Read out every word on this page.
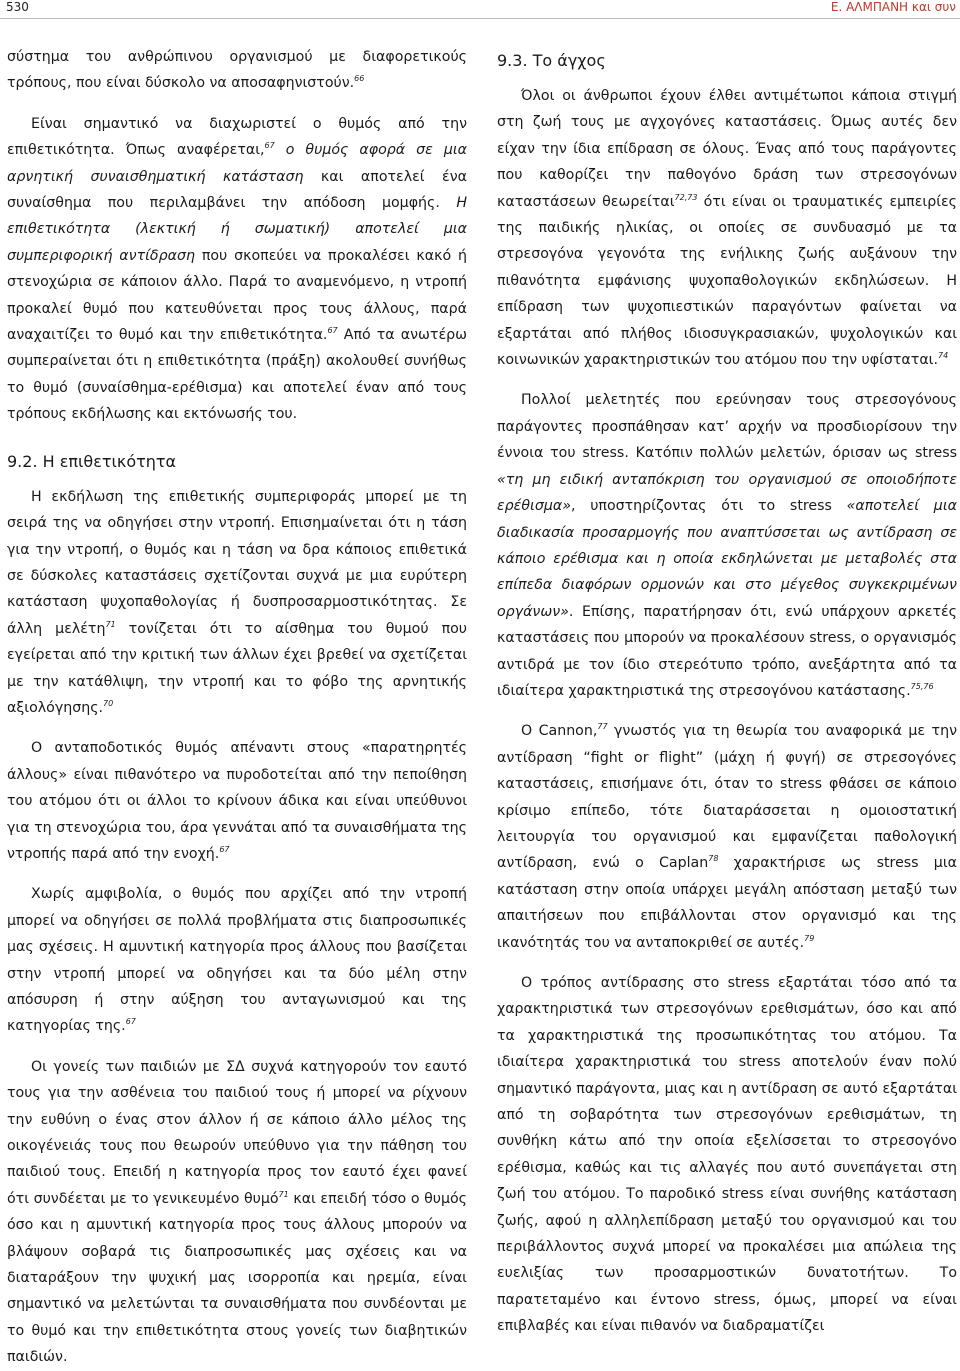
530	Ε. ΑΛΜΠΑΝΗ και συν

σύστημα του ανθρώπινου οργανισμού με διαφορετικούς τρόπους, που είναι δύσκολο να αποσαφηνιστούν.$^{66}$

Είναι σημαντικό να διαχωριστεί ο θυμός από την επιθετικότητα. Όπως αναφέρεται,$^{67}$ ο θυμός αφορά σε μια αρνητική συναισθηματική κατάσταση και αποτελεί ένα συναίσθημα που περιλαμβάνει την απόδοση μομφής. Η επιθετικότητα (λεκτική ή σωματική) αποτελεί μια συμπεριφορική αντίδραση που σκοπεύει να προκαλέσει κακό ή στενοχώρια σε κάποιον άλλο. Παρά το αναμενόμενο, η ντροπή προκαλεί θυμό που κατευθύνεται προς τους άλλους, παρά αναχαιτίζει το θυμό και την επιθετικότητα.$^{67}$ Από τα ανωτέρω συμπεραίνεται ότι η επιθετικότητα (πράξη) ακολουθεί συνήθως το θυμό (συναίσθημα-ερέθισμα) και αποτελεί έναν από τους τρόπους εκδήλωσης και εκτόνωσής του.

9.2. Η επιθετικότητα

Η εκδήλωση της επιθετικής συμπεριφοράς μπορεί με τη σειρά της να οδηγήσει στην ντροπή. Επισημαίνεται ότι η τάση για την ντροπή, ο θυμός και η τάση να δρα κάποιος επιθετικά σε δύσκολες καταστάσεις σχετίζονται συχνά με μια ευρύτερη κατάσταση ψυχοπαθολογίας ή δυσπροσαρμοστικότητας. Σε άλλη μελέτη$^{71}$ τονίζεται ότι το αίσθημα του θυμού που εγείρεται από την κριτική των άλλων έχει βρεθεί να σχετίζεται με την κατάθλιψη, την ντροπή και το φόβο της αρνητικής αξιολόγησης.$^{70}$

Ο ανταποδοτικός θυμός απέναντι στους «παρατηρητές άλλους» είναι πιθανότερο να πυροδοτείται από την πεποίθηση του ατόμου ότι οι άλλοι το κρίνουν άδικα και είναι υπεύθυνοι για τη στενοχώρια του, άρα γεννάται από τα συναισθήματα της ντροπής παρά από την ενοχή.$^{67}$

Χωρίς αμφιβολία, ο θυμός που αρχίζει από την ντροπή μπορεί να οδηγήσει σε πολλά προβλήματα στις διαπροσωπικές μας σχέσεις. Η αμυντική κατηγορία προς άλλους που βασίζεται στην ντροπή μπορεί να οδηγήσει και τα δύο μέλη στην απόσυρση ή στην αύξηση του ανταγωνισμού και της κατηγορίας της.$^{67}$

Οι γονείς των παιδιών με ΣΔ συχνά κατηγορούν τον εαυτό τους για την ασθένεια του παιδιού τους ή μπορεί να ρίχνουν την ευθύνη ο ένας στον άλλον ή σε κάποιο άλλο μέλος της οικογένειάς τους που θεωρούν υπεύθυνο για την πάθηση του παιδιού τους. Επειδή η κατηγορία προς τον εαυτό έχει φανεί ότι συνδέεται με το γενικευμένο θυμό$^{71}$ και επειδή τόσο ο θυμός όσο και η αμυντική κατηγορία προς τους άλλους μπορούν να βλάψουν σοβαρά τις διαπροσωπικές μας σχέσεις και να διαταράξουν την ψυχική μας ισορροπία και ηρεμία, είναι σημαντικό να μελετώνται τα συναισθήματα που συνδέονται με το θυμό και την επιθετικότητα στους γονείς των διαβητικών παιδιών.

9.3. Το άγχος

Όλοι οι άνθρωποι έχουν έλθει αντιμέτωποι κάποια στιγμή στη ζωή τους με αγχογόνες καταστάσεις. Όμως αυτές δεν είχαν την ίδια επίδραση σε όλους. Ένας από τους παράγοντες που καθορίζει την παθογόνο δράση των στρεσογόνων καταστάσεων θεωρείται$^{72,73}$ ότι είναι οι τραυματικές εμπειρίες της παιδικής ηλικίας, οι οποίες σε συνδυασμό με τα στρεσογόνα γεγονότα της ενήλικης ζωής αυξάνουν την πιθανότητα εμφάνισης ψυχοπαθολογικών εκδηλώσεων. Η επίδραση των ψυχοπιεστικών παραγόντων φαίνεται να εξαρτάται από πλήθος ιδιοσυγκρασιακών, ψυχολογικών και κοινωνικών χαρακτηριστικών του ατόμου που την υφίσταται.$^{74}$

Πολλοί μελετητές που ερεύνησαν τους στρεσογόνους παράγοντες προσπάθησαν κατ’ αρχήν να προσδιορίσουν την έννοια του stress. Κατόπιν πολλών μελετών, όρισαν ως stress «τη μη ειδική ανταπόκριση του οργανισμού σε οποιοδήποτε ερέθισμα», υποστηρίζοντας ότι το stress «αποτελεί μια διαδικασία προσαρμογής που αναπτύσσεται ως αντίδραση σε κάποιο ερέθισμα και η οποία εκδηλώνεται με μεταβολές στα επίπεδα διαφόρων ορμονών και στο μέγεθος συγκεκριμένων οργάνων». Επίσης, παρατήρησαν ότι, ενώ υπάρχουν αρκετές καταστάσεις που μπορούν να προκαλέσουν stress, ο οργανισμός αντιδρά με τον ίδιο στερεότυπο τρόπο, ανεξάρτητα από τα ιδιαίτερα χαρακτηριστικά της στρεσογόνου κατάστασης.$^{75,76}$

Ο Cannon,$^{77}$ γνωστός για τη θεωρία του αναφορικά με την αντίδραση “fight or flight” (μάχη ή φυγή) σε στρεσογόνες καταστάσεις, επισήμανε ότι, όταν το stress φθάσει σε κάποιο κρίσιμο επίπεδο, τότε διαταράσσεται η ομοιοστατική λειτουργία του οργανισμού και εμφανίζεται παθολογική αντίδραση, ενώ ο Caplan$^{78}$ χαρακτήρισε ως stress μια κατάσταση στην οποία υπάρχει μεγάλη απόσταση μεταξύ των απαιτήσεων που επιβάλλονται στον οργανισμό και της ικανότητάς του να ανταποκριθεί σε αυτές.$^{79}$

Ο τρόπος αντίδρασης στο stress εξαρτάται τόσο από τα χαρακτηριστικά των στρεσογόνων ερεθισμάτων, όσο και από τα χαρακτηριστικά της προσωπικότητας του ατόμου. Τα ιδιαίτερα χαρακτηριστικά του stress αποτελούν έναν πολύ σημαντικό παράγοντα, μιας και η αντίδραση σε αυτό εξαρτάται από τη σοβαρότητα των στρεσογόνων ερεθισμάτων, τη συνθήκη κάτω από την οποία εξελίσσεται το στρεσογόνο ερέθισμα, καθώς και τις αλλαγές που αυτό συνεπάγεται στη ζωή του ατόμου. Το παροδικό stress είναι συνήθης κατάσταση ζωής, αφού η αλληλεπίδραση μεταξύ του οργανισμού και του περιβάλλοντος συχνά μπορεί να προκαλέσει μια απώλεια της ευελιξίας των προσαρμοστικών δυνατοτήτων. Το παρατεταμένο και έντονο stress, όμως, μπορεί να είναι επιβλαβές και είναι πιθανόν να διαδραματίζει
